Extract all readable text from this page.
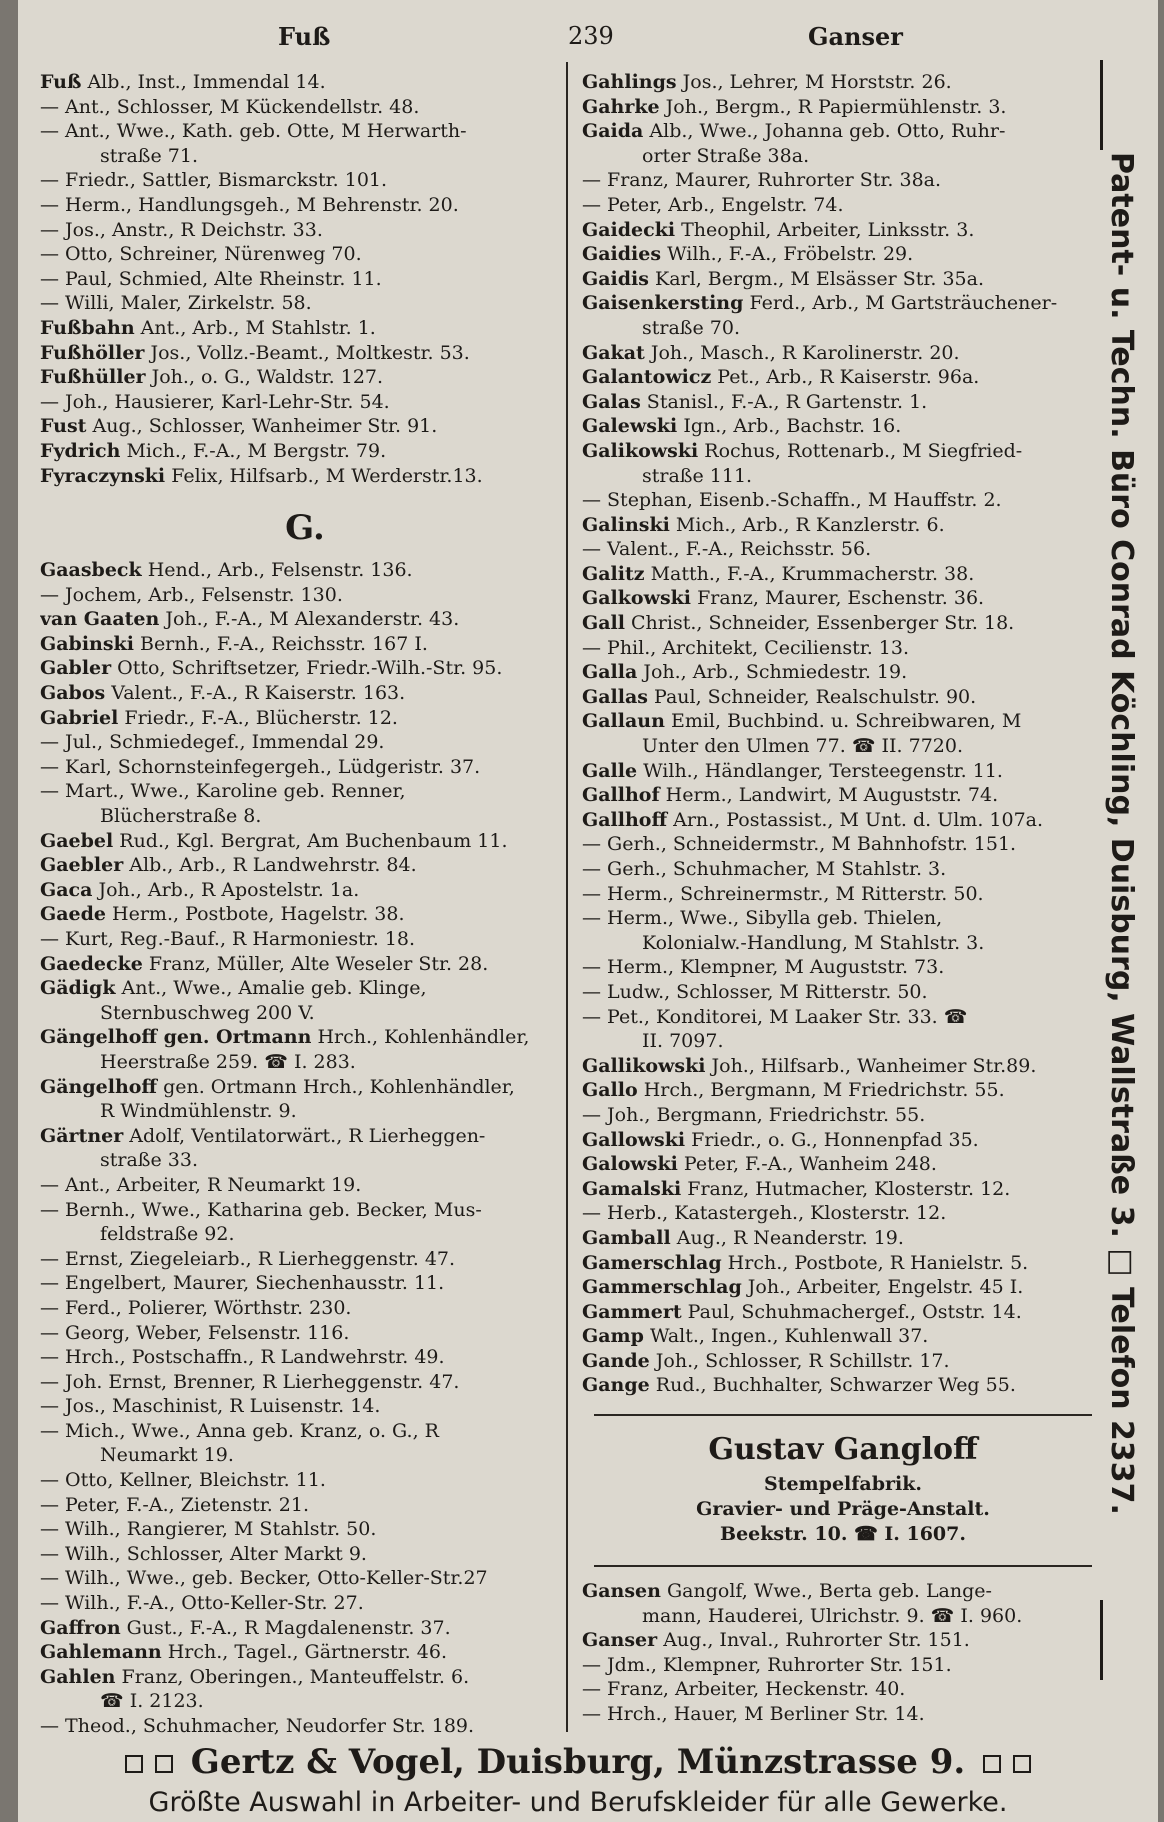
Fuß	239	Ganser

Fuß Alb., Inst., Immendal 14.

— Ant., Schlosser, M Kückendellstr. 48.

— Ant., Wwe., Kath. geb. Otte, M Herwarth-

straße 71.

— Friedr., Sattler, Bismarckstr. 101.

— Herm., Handlungsgeh., M Behrenstr. 20.

— Jos., Anstr., R Deichstr. 33.

— Otto, Schreiner, Nürenweg 70.

— Paul, Schmied, Alte Rheinstr. 11.

— Willi, Maler, Zirkelstr. 58.

Fußbahn Ant., Arb., M Stahlstr. 1.

Fußhöller Jos., Vollz.-Beamt., Moltkestr. 53.

Fußhüller Joh., o. G., Waldstr. 127.

— Joh., Hausierer, Karl-Lehr-Str. 54.

Fust Aug., Schlosser, Wanheimer Str. 91.

Fydrich Mich., F.-A., M Bergstr. 79.

Fyraczynski Felix, Hilfsarb., M Werderstr.13.

G.

Gaasbeck Hend., Arb., Felsenstr. 136.

— Jochem, Arb., Felsenstr. 130.

van Gaaten Joh., F.-A., M Alexanderstr. 43.

Gabinski Bernh., F.-A., Reichsstr. 167 I.

Gabler Otto, Schriftsetzer, Friedr.-Wilh.-Str. 95.

Gabos Valent., F.-A., R Kaiserstr. 163.

Gabriel Friedr., F.-A., Blücherstr. 12.

— Jul., Schmiedegef., Immendal 29.

— Karl, Schornsteinfegergeh., Lüdgeristr. 37.

— Mart., Wwe., Karoline geb. Renner,

Blücherstraße 8.

Gaebel Rud., Kgl. Bergrat, Am Buchenbaum 11.

Gaebler Alb., Arb., R Landwehrstr. 84.

Gaca Joh., Arb., R Apostelstr. 1a.

Gaede Herm., Postbote, Hagelstr. 38.

— Kurt, Reg.-Bauf., R Harmoniestr. 18.

Gaedecke Franz, Müller, Alte Weseler Str. 28.

Gädigk Ant., Wwe., Amalie geb. Klinge,

Sternbuschweg 200 V.

Gängelhoff gen. Ortmann Hrch., Kohlenhändler,

Heerstraße 259. ☎ I. 283.

Gängelhoff gen. Ortmann Hrch., Kohlenhändler,

R Windmühlenstr. 9.

Gärtner Adolf, Ventilatorwärt., R Lierheggen-

straße 33.

— Ant., Arbeiter, R Neumarkt 19.

— Bernh., Wwe., Katharina geb. Becker, Mus-

feldstraße 92.

— Ernst, Ziegeleiarb., R Lierheggenstr. 47.

— Engelbert, Maurer, Siechenhausstr. 11.

— Ferd., Polierer, Wörthstr. 230.

— Georg, Weber, Felsenstr. 116.

— Hrch., Postschaffn., R Landwehrstr. 49.

— Joh. Ernst, Brenner, R Lierheggenstr. 47.

— Jos., Maschinist, R Luisenstr. 14.

— Mich., Wwe., Anna geb. Kranz, o. G., R

Neumarkt 19.

— Otto, Kellner, Bleichstr. 11.

— Peter, F.-A., Zietenstr. 21.

— Wilh., Rangierer, M Stahlstr. 50.

— Wilh., Schlosser, Alter Markt 9.

— Wilh., Wwe., geb. Becker, Otto-Keller-Str.27

— Wilh., F.-A., Otto-Keller-Str. 27.

Gaffron Gust., F.-A., R Magdalenenstr. 37.

Gahlemann Hrch., Tagel., Gärtnerstr. 46.

Gahlen Franz, Oberingen., Manteuffelstr. 6.

☎ I. 2123.

— Theod., Schuhmacher, Neudorfer Str. 189.

Gahlings Jos., Lehrer, M Horststr. 26.

Gahrke Joh., Bergm., R Papiermühlenstr. 3.

Gaida Alb., Wwe., Johanna geb. Otto, Ruhr-

orter Straße 38a.

— Franz, Maurer, Ruhrorter Str. 38a.

— Peter, Arb., Engelstr. 74.

Gaidecki Theophil, Arbeiter, Linksstr. 3.

Gaidies Wilh., F.-A., Fröbelstr. 29.

Gaidis Karl, Bergm., M Elsässer Str. 35a.

Gaisenkersting Ferd., Arb., M Gartsträuchener-

straße 70.

Gakat Joh., Masch., R Karolinerstr. 20.

Galantowicz Pet., Arb., R Kaiserstr. 96a.

Galas Stanisl., F.-A., R Gartenstr. 1.

Galewski Ign., Arb., Bachstr. 16.

Galikowski Rochus, Rottenarb., M Siegfried-

straße 111.

— Stephan, Eisenb.-Schaffn., M Hauffstr. 2.

Galinski Mich., Arb., R Kanzlerstr. 6.

— Valent., F.-A., Reichsstr. 56.

Galitz Matth., F.-A., Krummacherstr. 38.

Galkowski Franz, Maurer, Eschenstr. 36.

Gall Christ., Schneider, Essenberger Str. 18.

— Phil., Architekt, Cecilienstr. 13.

Galla Joh., Arb., Schmiedestr. 19.

Gallas Paul, Schneider, Realschulstr. 90.

Gallaun Emil, Buchbind. u. Schreibwaren, M

Unter den Ulmen 77. ☎ II. 7720.

Galle Wilh., Händlanger, Tersteegenstr. 11.

Gallhof Herm., Landwirt, M Auguststr. 74.

Gallhoff Arn., Postassist., M Unt. d. Ulm. 107a.

— Gerh., Schneidermstr., M Bahnhofstr. 151.

— Gerh., Schuhmacher, M Stahlstr. 3.

— Herm., Schreinermstr., M Ritterstr. 50.

— Herm., Wwe., Sibylla geb. Thielen,

Kolonialw.-Handlung, M Stahlstr. 3.

— Herm., Klempner, M Auguststr. 73.

— Ludw., Schlosser, M Ritterstr. 50.

— Pet., Konditorei, M Laaker Str. 33. ☎

II. 7097.

Gallikowski Joh., Hilfsarb., Wanheimer Str.89.

Gallo Hrch., Bergmann, M Friedrichstr. 55.

— Joh., Bergmann, Friedrichstr. 55.

Gallowski Friedr., o. G., Honnenpfad 35.

Galowski Peter, F.-A., Wanheim 248.

Gamalski Franz, Hutmacher, Klosterstr. 12.

— Herb., Katastergeh., Klosterstr. 12.

Gamball Aug., R Neanderstr. 19.

Gamerschlag Hrch., Postbote, R Hanielstr. 5.

Gammerschlag Joh., Arbeiter, Engelstr. 45 I.

Gammert Paul, Schuhmachergef., Oststr. 14.

Gamp Walt., Ingen., Kuhlenwall 37.

Gande Joh., Schlosser, R Schillstr. 17.

Gange Rud., Buchhalter, Schwarzer Weg 55.

Gustav Gangloff
Stempelfabrik.
Gravier- und Präge-Anstalt.
Beekstr. 10. ☎ I. 1607.

Gansen Gangolf, Wwe., Berta geb. Lange-

mann, Hauderei, Ulrichstr. 9. ☎ I. 960.

Ganser Aug., Inval., Ruhrorter Str. 151.

— Jdm., Klempner, Ruhrorter Str. 151.

— Franz, Arbeiter, Heckenstr. 40.

— Hrch., Hauer, M Berliner Str. 14.

Patent- u. Techn. Büro Conrad Köchling, Duisburg, Wallstraße 3. □ Telefon 2337.
Gertz & Vogel, Duisburg, Münzstrasse 9.
Größte Auswahl in Arbeiter- und Berufskleider für alle Gewerke.
